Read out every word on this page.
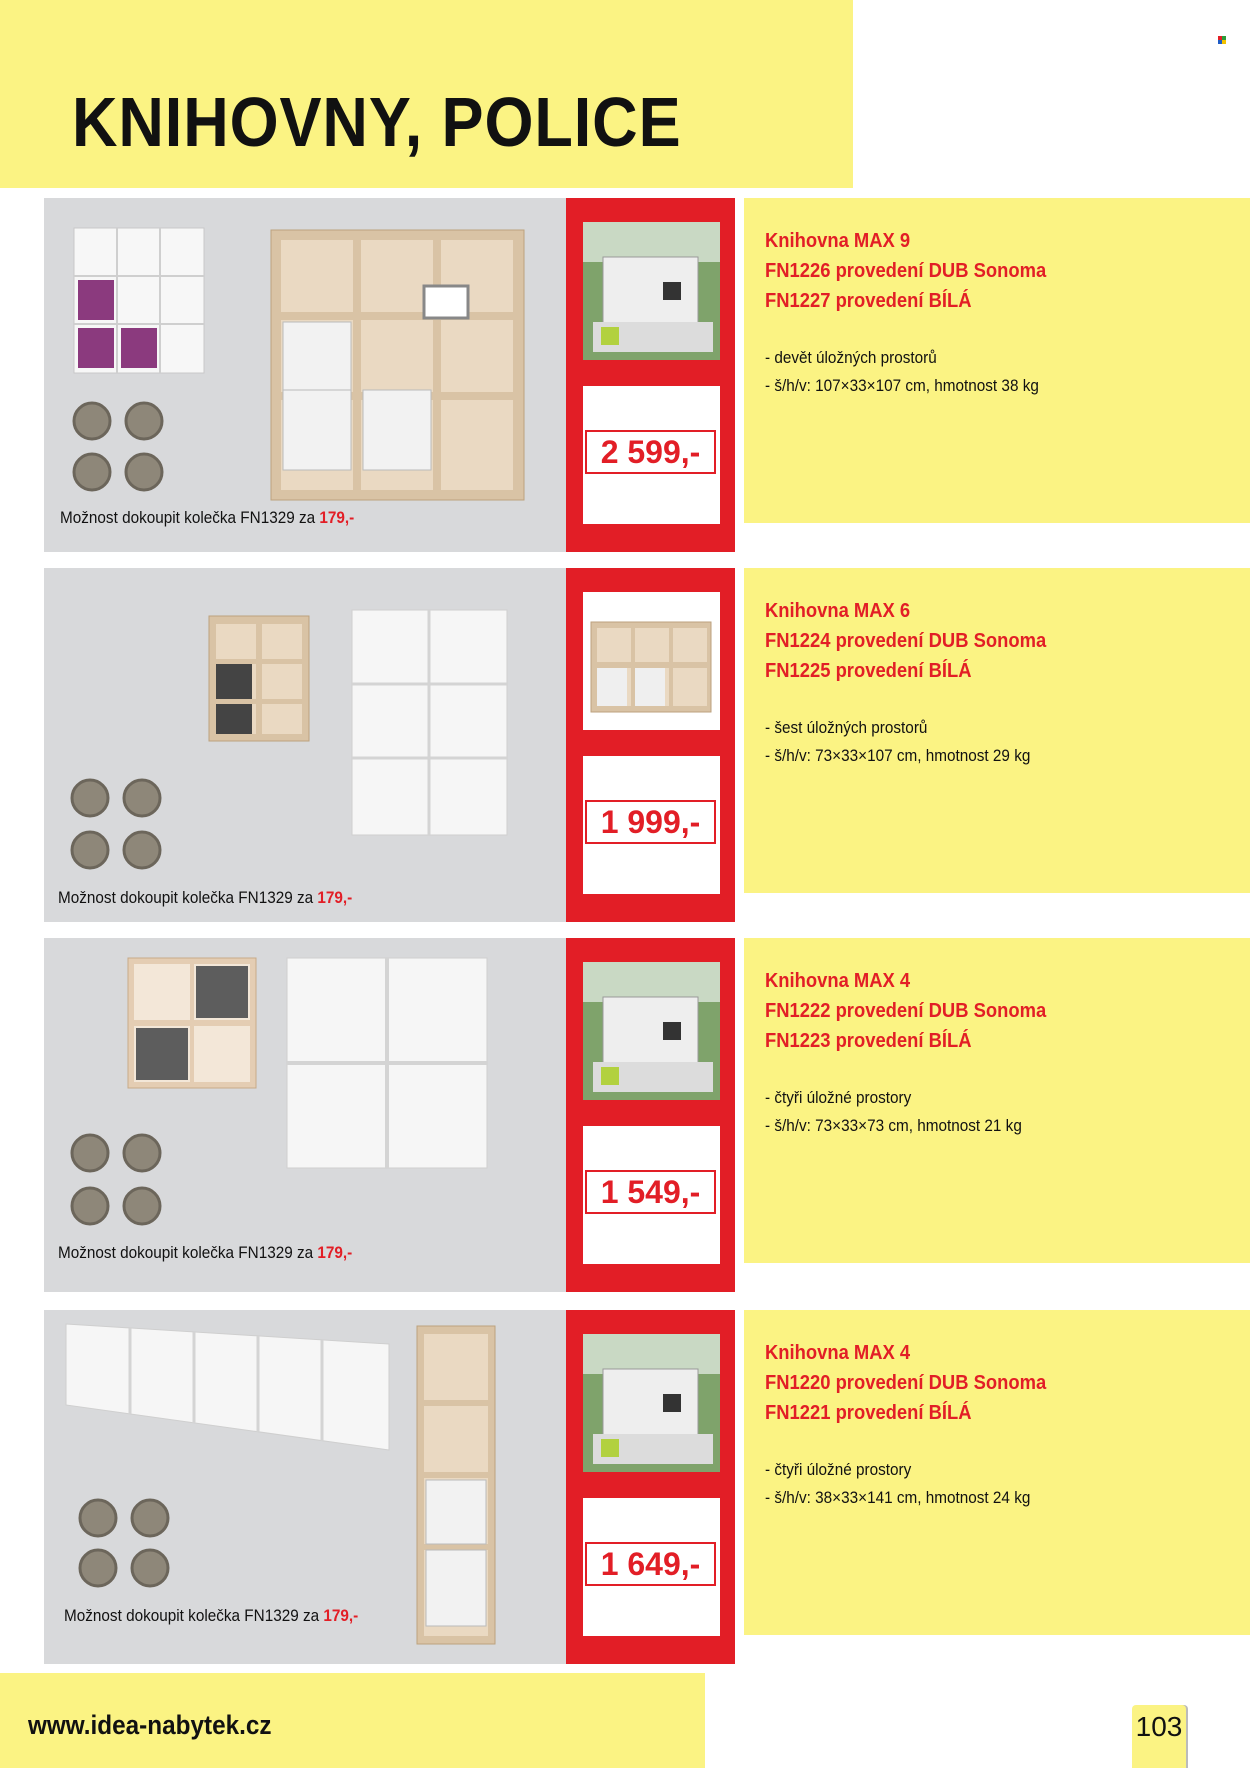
KNIHOVNY, POLICE
Možnost dokoupit kolečka FN1329 za 179,-
2 599,-
Knihovna MAX 9
FN1226 provedení DUB Sonoma
FN1227 provedení BÍLÁ
- devět úložných prostorů
- š/h/v: 107×33×107 cm, hmotnost 38 kg
Možnost dokoupit kolečka FN1329 za 179,-
1 999,-
Knihovna MAX 6
FN1224 provedení DUB Sonoma
FN1225 provedení BÍLÁ
- šest úložných prostorů
- š/h/v: 73×33×107 cm, hmotnost 29 kg
Možnost dokoupit kolečka FN1329 za 179,-
1 549,-
Knihovna MAX 4
FN1222 provedení DUB Sonoma
FN1223 provedení BÍLÁ
- čtyři úložné prostory
- š/h/v: 73×33×73 cm, hmotnost 21 kg
Možnost dokoupit kolečka FN1329 za 179,-
1 649,-
Knihovna MAX 4
FN1220 provedení DUB Sonoma
FN1221 provedení BÍLÁ
- čtyři úložné prostory
- š/h/v: 38×33×141 cm, hmotnost 24 kg
www.idea-nabytek.cz	103
